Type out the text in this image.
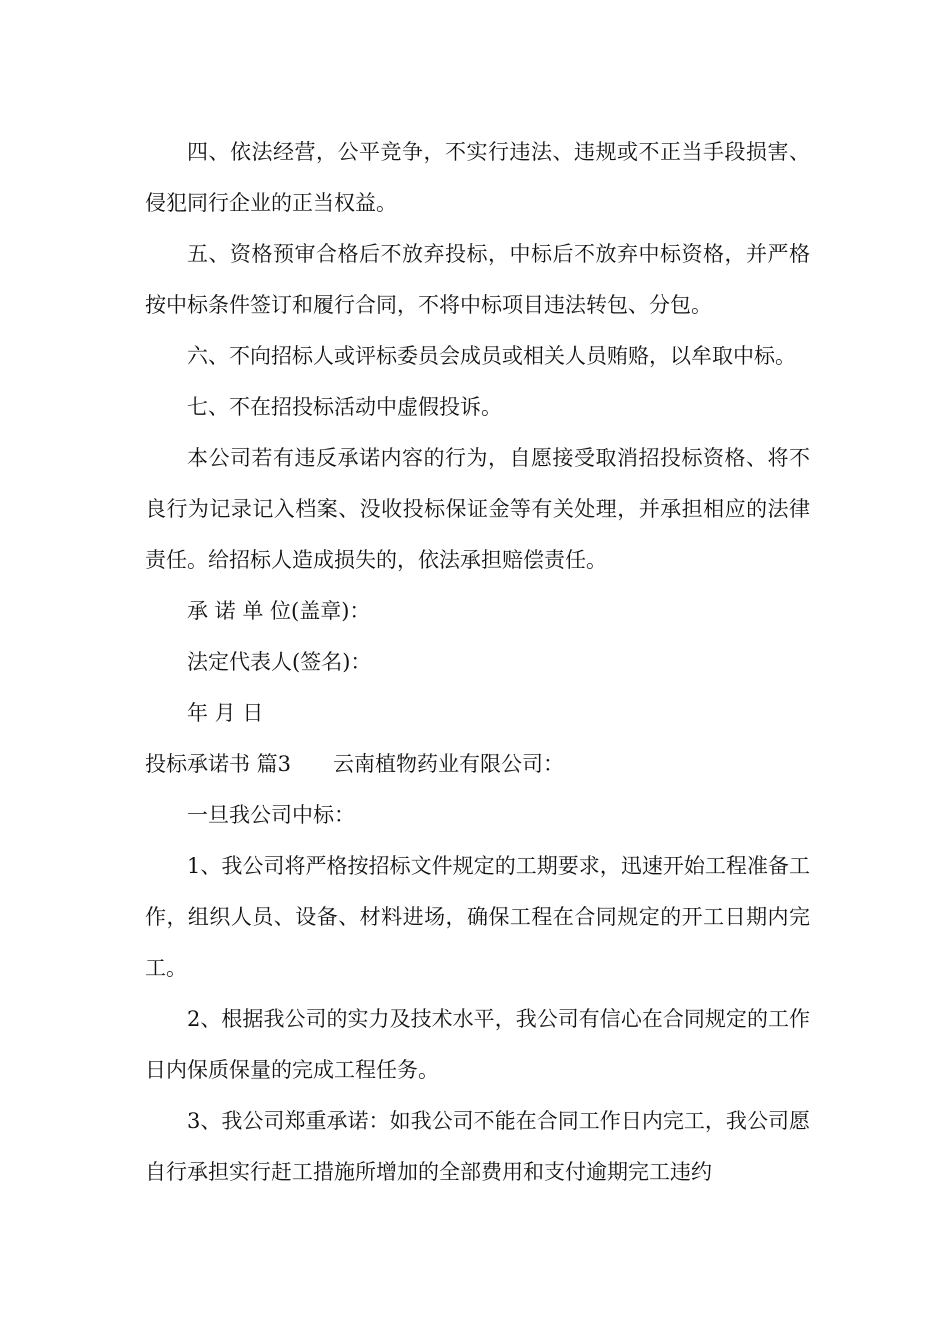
四、依法经营，公平竞争，不实行违法、违规或不正当手段损害、侵犯同行企业的正当权益。

五、资格预审合格后不放弃投标，中标后不放弃中标资格，并严格按中标条件签订和履行合同，不将中标项目违法转包、分包。

六、不向招标人或评标委员会成员或相关人员贿赂，以牟取中标。

七、不在招投标活动中虚假投诉。

本公司若有违反承诺内容的行为，自愿接受取消招投标资格、将不良行为记录记入档案、没收投标保证金等有关处理，并承担相应的法律责任。给招标人造成损失的，依法承担赔偿责任。

承 诺 单 位(盖章)：

法定代表人(签名)：

年 月 日

投标承诺书 篇3　　云南植物药业有限公司：

一旦我公司中标：

1、我公司将严格按招标文件规定的工期要求，迅速开始工程准备工作，组织人员、设备、材料进场，确保工程在合同规定的开工日期内完工。

2、根据我公司的实力及技术水平，我公司有信心在合同规定的工作日内保质保量的完成工程任务。

3、我公司郑重承诺：如我公司不能在合同工作日内完工，我公司愿自行承担实行赶工措施所增加的全部费用和支付逾期完工违约
